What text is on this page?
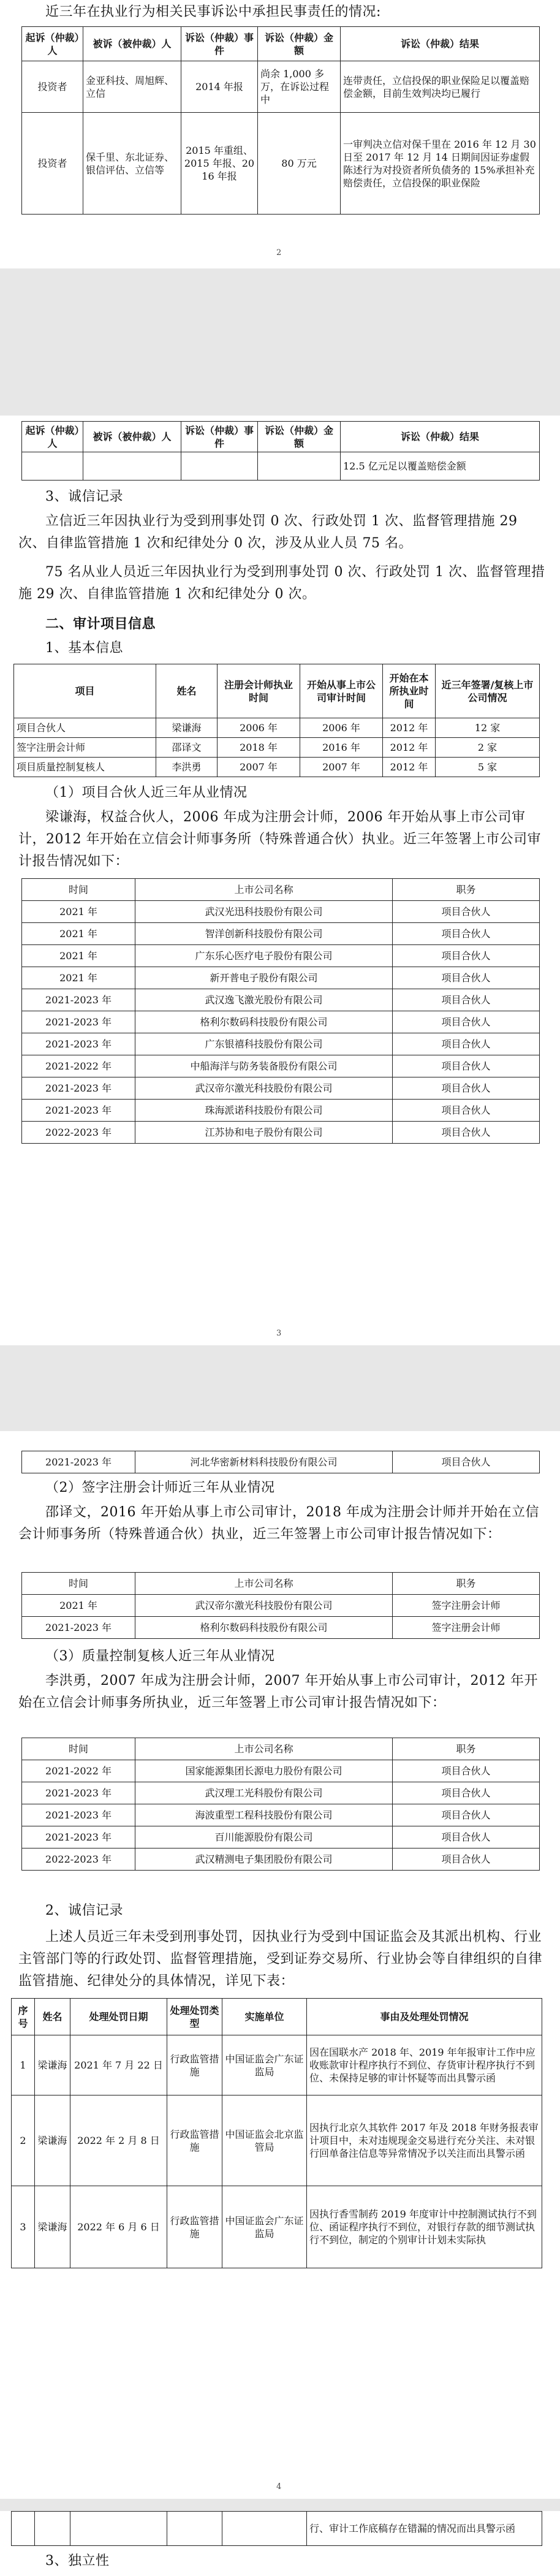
近三年在执业行为相关民事诉讼中承担民事责任的情况:

起诉（仲裁）人	被诉（被仲裁）人	诉讼（仲裁）事件	诉讼（仲裁）金额	诉讼（仲裁）结果
投资者	金亚科技、周旭辉、立信	2014 年报	尚余 1,000 多万，在诉讼过程中	连带责任，立信投保的职业保险足以覆盖赔偿金额，目前生效判决均已履行
投资者	保千里、东北证券、银信评估、立信等	2015 年重组、2015 年报、2016 年报	80 万元	一审判决立信对保千里在 2016 年 12 月 30 日至 2017 年 12 月 14 日期间因证券虚假陈述行为对投资者所负债务的 15%承担补充赔偿责任，立信投保的职业保险
2
起诉（仲裁）人	被诉（被仲裁）人	诉讼（仲裁）事件	诉讼（仲裁）金额	诉讼（仲裁）结果
				12.5 亿元足以覆盖赔偿金额

3、诚信记录

立信近三年因执业行为受到刑事处罚 0 次、行政处罚 1 次、监督管理措施 29 次、自律监管措施 1 次和纪律处分 0 次，涉及从业人员 75 名。

75 名从业人员近三年因执业行为受到刑事处罚 0 次、行政处罚 1 次、监督管理措施 29 次、自律监管措施 1 次和纪律处分 0 次。

二、审计项目信息

1、基本信息

项目	姓名	注册会计师执业时间	开始从事上市公司审计时间	开始在本所执业时间	近三年签署/复核上市公司情况
项目合伙人	梁谦海	2006 年	2006 年	2012 年	12 家
签字注册会计师	邵译文	2018 年	2016 年	2012 年	2 家
项目质量控制复核人	李洪勇	2007 年	2007 年	2012 年	5 家

（1）项目合伙人近三年从业情况

梁谦海，权益合伙人，2006 年成为注册会计师，2006 年开始从事上市公司审计，2012 年开始在立信会计师事务所（特殊普通合伙）执业。近三年签署上市公司审计报告情况如下：

时间	上市公司名称	职务
2021 年	武汉光迅科技股份有限公司	项目合伙人
2021 年	智洋创新科技股份有限公司	项目合伙人
2021 年	广东乐心医疗电子股份有限公司	项目合伙人
2021 年	新开普电子股份有限公司	项目合伙人
2021-2023 年	武汉逸飞激光股份有限公司	项目合伙人
2021-2023 年	格利尔数码科技股份有限公司	项目合伙人
2021-2023 年	广东银禧科技股份有限公司	项目合伙人
2021-2022 年	中船海洋与防务装备股份有限公司	项目合伙人
2021-2023 年	武汉帝尔激光科技股份有限公司	项目合伙人
2021-2023 年	珠海派诺科技股份有限公司	项目合伙人
2022-2023 年	江苏协和电子股份有限公司	项目合伙人
3
2021-2023 年	河北华密新材料科技股份有限公司	项目合伙人

（2）签字注册会计师近三年从业情况

邵译文，2016 年开始从事上市公司审计，2018 年成为注册会计师并开始在立信会计师事务所（特殊普通合伙）执业，近三年签署上市公司审计报告情况如下：

时间	上市公司名称	职务
2021 年	武汉帝尔激光科技股份有限公司	签字注册会计师
2021-2023 年	格利尔数码科技股份有限公司	签字注册会计师

（3）质量控制复核人近三年从业情况

李洪勇，2007 年成为注册会计师，2007 年开始从事上市公司审计，2012 年开始在立信会计师事务所执业，近三年签署上市公司审计报告情况如下：

时间	上市公司名称	职务
2021-2022 年	国家能源集团长源电力股份有限公司	项目合伙人
2021-2023 年	武汉理工光科股份有限公司	项目合伙人
2021-2023 年	海波重型工程科技股份有限公司	项目合伙人
2021-2023 年	百川能源股份有限公司	项目合伙人
2022-2023 年	武汉精测电子集团股份有限公司	项目合伙人

2、诚信记录

上述人员近三年未受到刑事处罚，因执业行为受到中国证监会及其派出机构、行业主管部门等的行政处罚、监督管理措施，受到证券交易所、行业协会等自律组织的自律监管措施、纪律处分的具体情况，详见下表：

序号	姓名	处理处罚日期	处理处罚类型	实施单位	事由及处理处罚情况
1	梁谦海	2021 年 7 月 22 日	行政监管措施	中国证监会广东证监局	因在国联水产 2018 年、2019 年年报审计工作中应收账款审计程序执行不到位、存货审计程序执行不到位、未保持足够的审计怀疑等而出具警示函
2	梁谦海	2022 年 2 月 8 日	行政监管措施	中国证监会北京监管局	因执行北京久其软件 2017 年及 2018 年财务报表审计项目中，未对违规现金交易进行充分关注、未对银行回单备注信息等异常情况予以关注而出具警示函
3	梁谦海	2022 年 6 月 6 日	行政监管措施	中国证监会广东证监局	因执行香雪制药 2019 年度审计中控制测试执行不到位、函证程序执行不到位，对银行存款的细节测试执行不到位，制定的个别审计计划未实际执
4
					行、审计工作底稿存在错漏的情况而出具警示函

3、独立性
